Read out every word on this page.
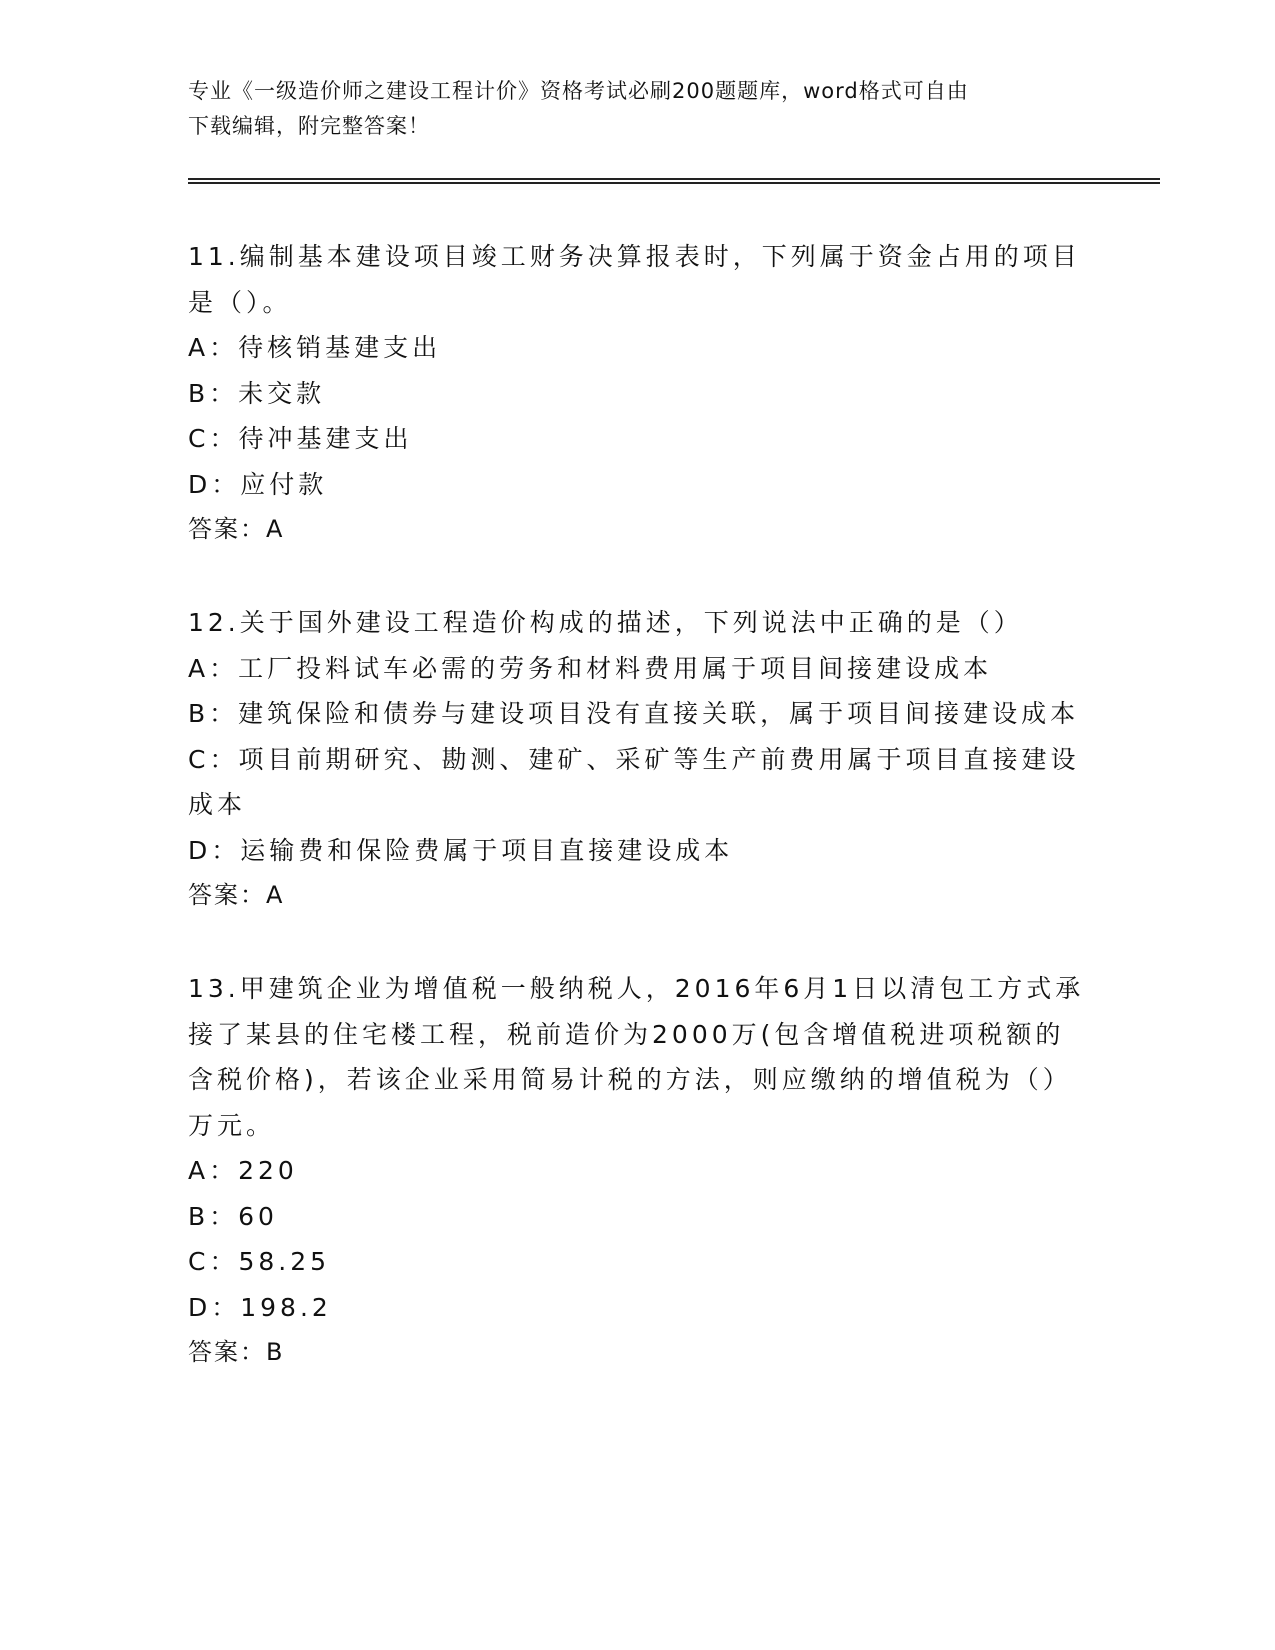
专业《一级造价师之建设工程计价》资格考试必刷200题题库，word格式可自由
下载编辑，附完整答案！
11.编制基本建设项目竣工财务决算报表时，下列属于资金占用的项目
是（）。
A：待核销基建支出
B：未交款
C：待冲基建支出
D：应付款
答案：A
12.关于国外建设工程造价构成的描述，下列说法中正确的是（）
A：工厂投料试车必需的劳务和材料费用属于项目间接建设成本
B：建筑保险和债券与建设项目没有直接关联，属于项目间接建设成本
C：项目前期研究、勘测、建矿、采矿等生产前费用属于项目直接建设
成本
D：运输费和保险费属于项目直接建设成本
答案：A
13.甲建筑企业为增值税一般纳税人，2016年6月1日以清包工方式承
接了某县的住宅楼工程，税前造价为2000万(包含增值税进项税额的
含税价格)，若该企业采用简易计税的方法，则应缴纳的增值税为（）
万元。
A：220
B：60
C：58.25
D：198.2
答案：B
